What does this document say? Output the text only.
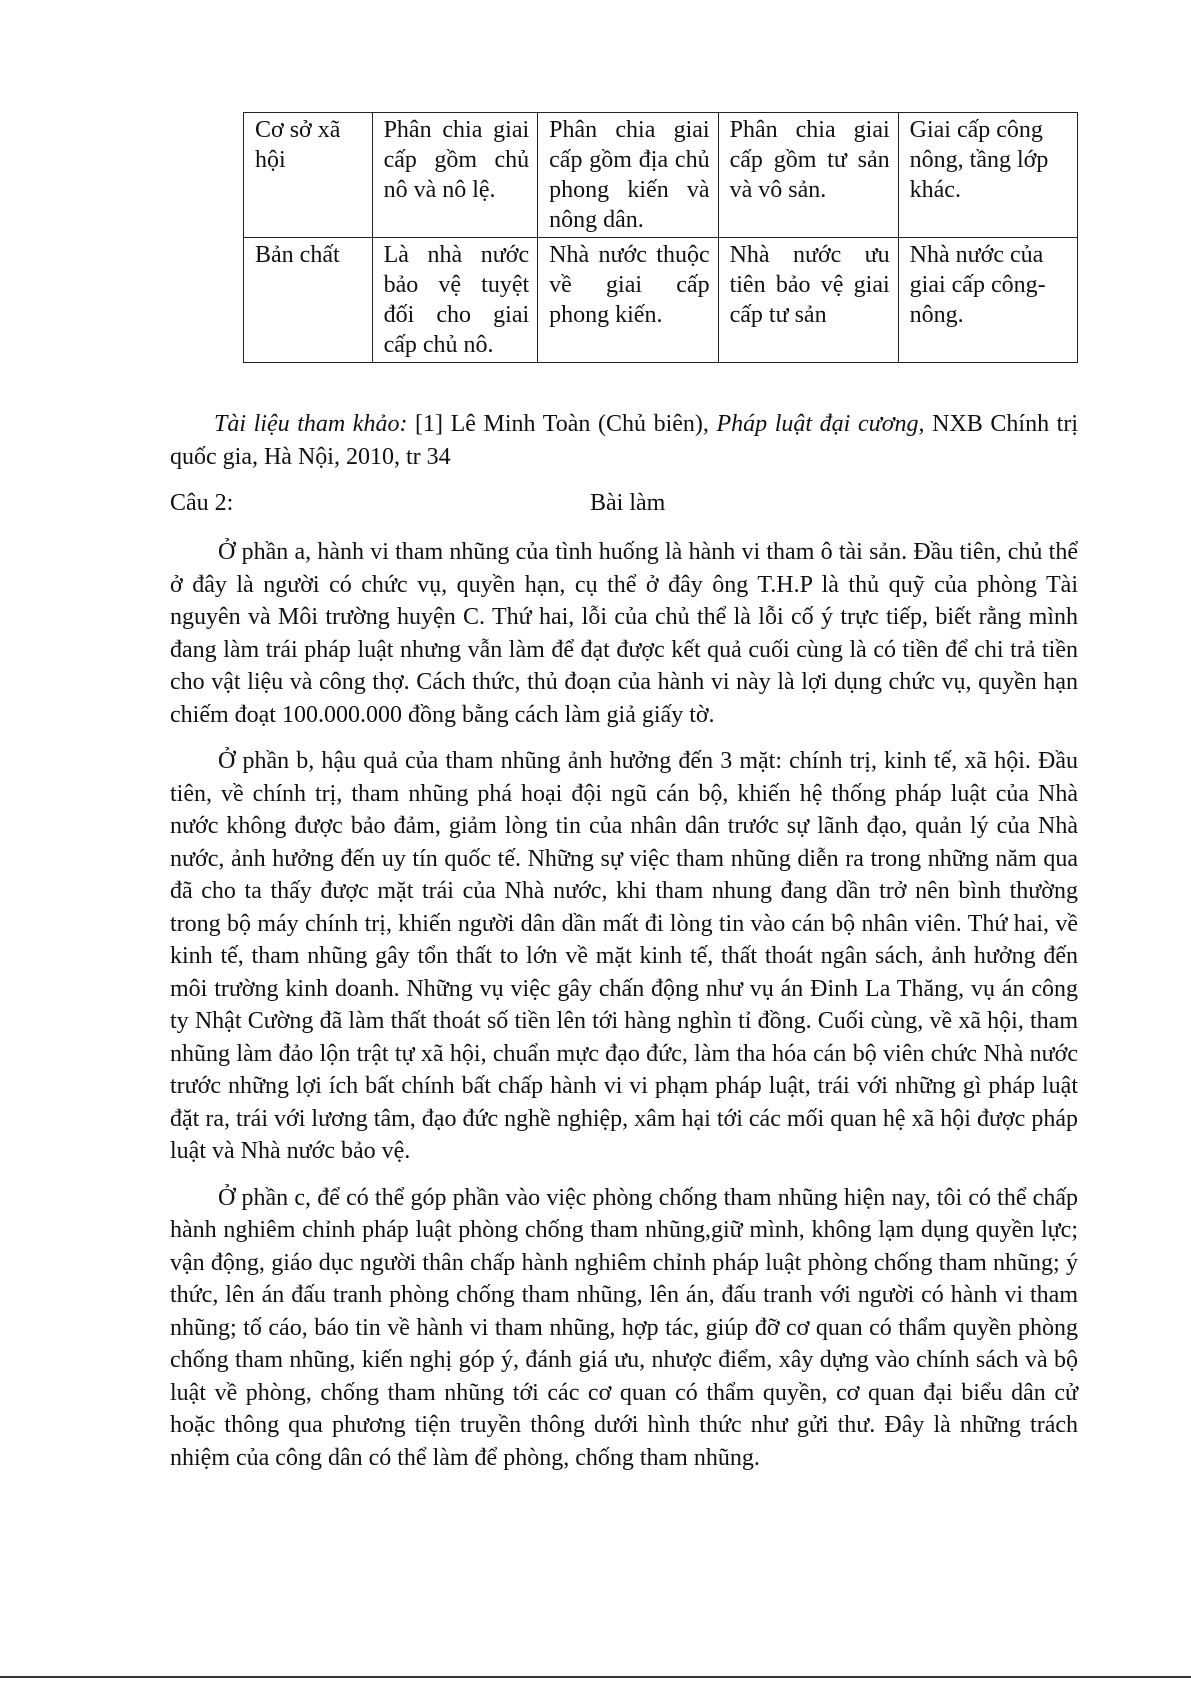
Cơ sở xã hội	Phân chia giai cấp gồm chủ nô và nô lệ.	Phân chia giai cấp gồm địa chủ phong kiến và nông dân.	Phân chia giai cấp gồm tư sản và vô sản.	Giai cấp công nông, tầng lớp khác.
Bản chất	Là nhà nước bảo vệ tuyệt đối cho giai cấp chủ nô.	Nhà nước thuộc về giai cấp phong kiến.	Nhà nước ưu tiên bảo vệ giai cấp tư sản	Nhà nước của giai cấp công-nông.

Tài liệu tham khảo: [1] Lê Minh Toàn (Chủ biên), Pháp luật đại cương, NXB Chính trị quốc gia, Hà Nội, 2010, tr 34

Câu 2:	Bài làm

Ở phần a, hành vi tham nhũng của tình huống là hành vi tham ô tài sản. Đầu tiên, chủ thể ở đây là người có chức vụ, quyền hạn, cụ thể ở đây ông T.H.P là thủ quỹ của phòng Tài nguyên và Môi trường huyện C. Thứ hai, lỗi của chủ thể là lỗi cố ý trực tiếp, biết rằng mình đang làm trái pháp luật nhưng vẫn làm để đạt được kết quả cuối cùng là có tiền để chi trả tiền cho vật liệu và công thợ. Cách thức, thủ đoạn của hành vi này là lợi dụng chức vụ, quyền hạn chiếm đoạt 100.000.000 đồng bằng cách làm giả giấy tờ.

Ở phần b, hậu quả của tham nhũng ảnh hưởng đến 3 mặt: chính trị, kinh tế, xã hội. Đầu tiên, về chính trị, tham nhũng phá hoại đội ngũ cán bộ, khiến hệ thống pháp luật của Nhà nước không được bảo đảm, giảm lòng tin của nhân dân trước sự lãnh đạo, quản lý của Nhà nước, ảnh hưởng đến uy tín quốc tế. Những sự việc tham nhũng diễn ra trong những năm qua đã cho ta thấy được mặt trái của Nhà nước, khi tham nhung đang dần trở nên bình thường trong bộ máy chính trị, khiến người dân dần mất đi lòng tin vào cán bộ nhân viên. Thứ hai, về kinh tế, tham nhũng gây tổn thất to lớn về mặt kinh tế, thất thoát ngân sách, ảnh hưởng đến môi trường kinh doanh. Những vụ việc gây chấn động như vụ án Đinh La Thăng, vụ án công ty Nhật Cường đã làm thất thoát số tiền lên tới hàng nghìn tỉ đồng. Cuối cùng, về xã hội, tham nhũng làm đảo lộn trật tự xã hội, chuẩn mực đạo đức, làm tha hóa cán bộ viên chức Nhà nước trước những lợi ích bất chính bất chấp hành vi vi phạm pháp luật, trái với những gì pháp luật đặt ra, trái với lương tâm, đạo đức nghề nghiệp, xâm hại tới các mối quan hệ xã hội được pháp luật và Nhà nước bảo vệ.

Ở phần c, để có thể góp phần vào việc phòng chống tham nhũng hiện nay, tôi có thể chấp hành nghiêm chỉnh pháp luật phòng chống tham nhũng,giữ mình, không lạm dụng quyền lực; vận động, giáo dục người thân chấp hành nghiêm chỉnh pháp luật phòng chống tham nhũng; ý thức, lên án đấu tranh phòng chống tham nhũng, lên án, đấu tranh với người có hành vi tham nhũng; tố cáo, báo tin về hành vi tham nhũng, hợp tác, giúp đỡ cơ quan có thẩm quyền phòng chống tham nhũng, kiến nghị góp ý, đánh giá ưu, nhược điểm, xây dựng vào chính sách và bộ luật về phòng, chống tham nhũng tới các cơ quan có thẩm quyền, cơ quan đại biểu dân cử hoặc thông qua phương tiện truyền thông dưới hình thức như gửi thư. Đây là những trách nhiệm của công dân có thể làm để phòng, chống tham nhũng.
